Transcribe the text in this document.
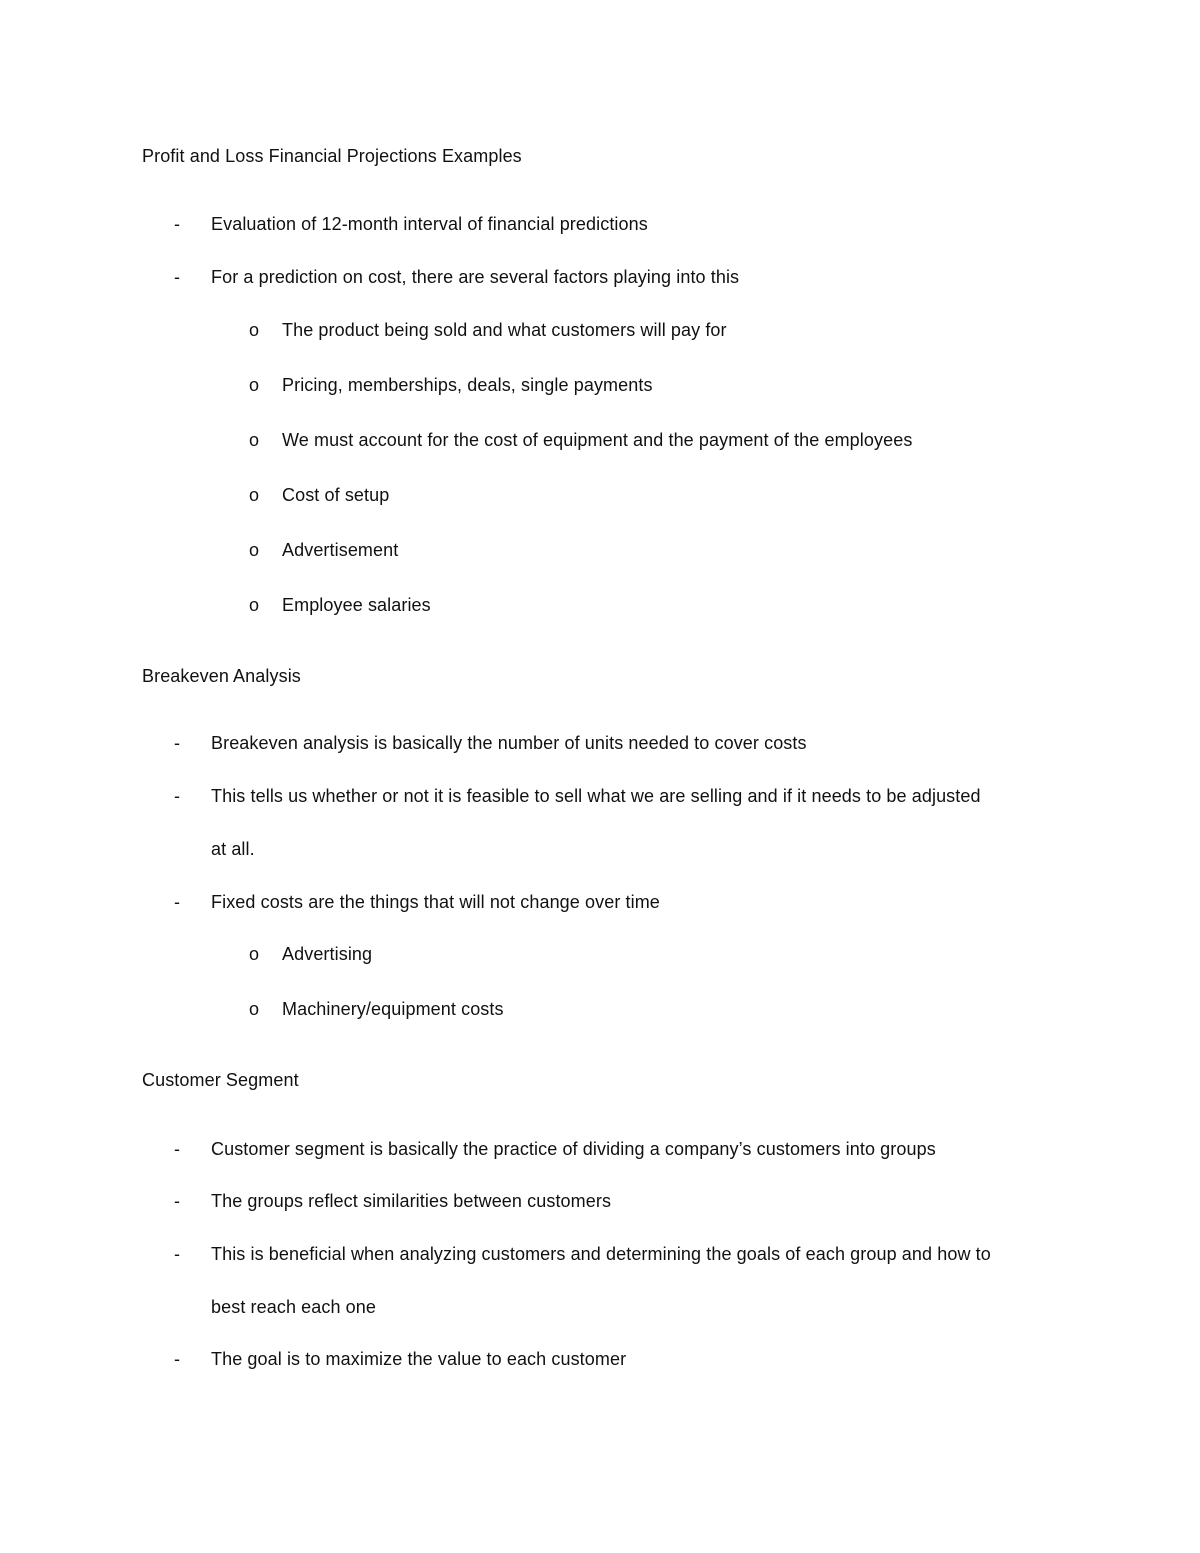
Profit and Loss Financial Projections Examples
- Evaluation of 12-month interval of financial predictions
- For a prediction on cost, there are several factors playing into this
o The product being sold and what customers will pay for
o Pricing, memberships, deals, single payments
o We must account for the cost of equipment and the payment of the employees
o Cost of setup
o Advertisement
o Employee salaries
Breakeven Analysis
- Breakeven analysis is basically the number of units needed to cover costs
- This tells us whether or not it is feasible to sell what we are selling and if it needs to be adjusted
at all.
- Fixed costs are the things that will not change over time
o Advertising
o Machinery/equipment costs
Customer Segment
- Customer segment is basically the practice of dividing a company’s customers into groups
- The groups reflect similarities between customers
- This is beneficial when analyzing customers and determining the goals of each group and how to
best reach each one
- The goal is to maximize the value to each customer
